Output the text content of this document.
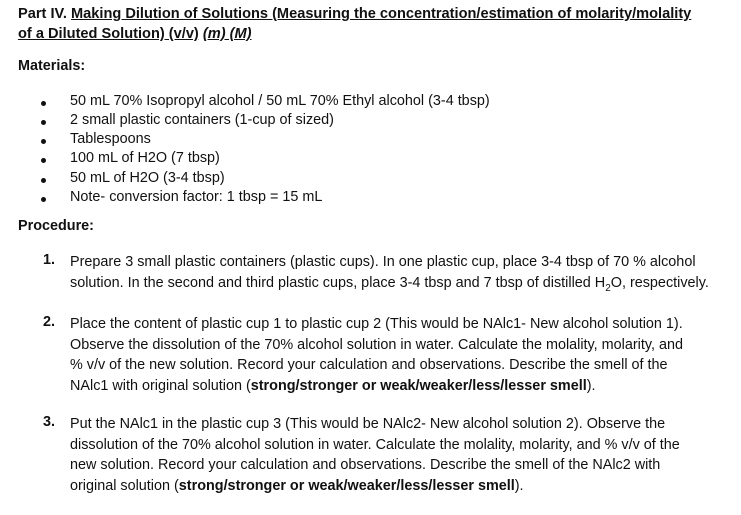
Part IV. Making Dilution of Solutions (Measuring the concentration/estimation of molarity/molality
of a Diluted Solution) (v/v) (m) (M)
Materials:
50 mL 70% Isopropyl alcohol / 50 mL 70% Ethyl alcohol (3-4 tbsp)
2 small plastic containers (1-cup of sized)
Tablespoons
100 mL of H2O (7 tbsp)
50 mL of H2O (3-4 tbsp)
Note- conversion factor: 1 tbsp = 15 mL
Procedure:
1. Prepare 3 small plastic containers (plastic cups). In one plastic cup, place 3-4 tbsp of 70 % alcohol
solution. In the second and third plastic cups, place 3-4 tbsp and 7 tbsp of distilled $H_2O$, respectively.
2. Place the content of plastic cup 1 to plastic cup 2 (This would be NAlc1- New alcohol solution 1).
Observe the dissolution of the 70% alcohol solution in water. Calculate the molality, molarity, and
% v/v of the new solution. Record your calculation and observations. Describe the smell of the
NAlc1 with original solution (strong/stronger or weak/weaker/less/lesser smell).
3. Put the NAlc1 in the plastic cup 3 (This would be NAlc2- New alcohol solution 2). Observe the
dissolution of the 70% alcohol solution in water. Calculate the molality, molarity, and % v/v of the
new solution. Record your calculation and observations. Describe the smell of the NAlc2 with
original solution (strong/stronger or weak/weaker/less/lesser smell).
